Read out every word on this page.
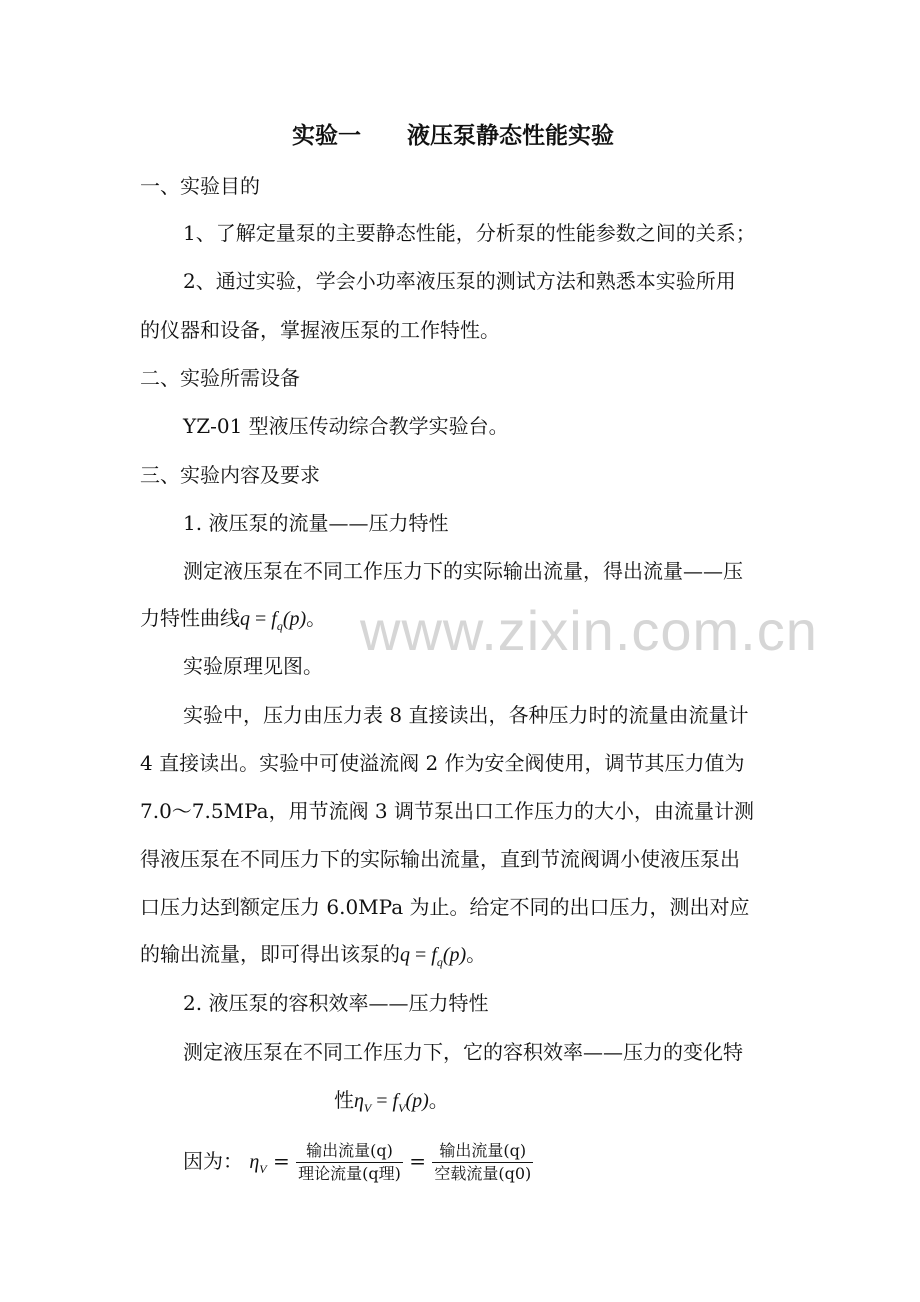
实验一　　液压泵静态性能实验
一、实验目的
1、了解定量泵的主要静态性能，分析泵的性能参数之间的关系；
2、通过实验，学会小功率液压泵的测试方法和熟悉本实验所用
的仪器和设备，掌握液压泵的工作特性。
二、实验所需设备
YZ-01 型液压传动综合教学实验台。
三、实验内容及要求
1. 液压泵的流量——压力特性
测定液压泵在不同工作压力下的实际输出流量，得出流量——压
力特性曲线$q = f_q(p)$。
实验原理见图。
实验中，压力由压力表 8 直接读出，各种压力时的流量由流量计
4 直接读出。实验中可使溢流阀 2 作为安全阀使用，调节其压力值为
7.0～7.5MPa，用节流阀 3 调节泵出口工作压力的大小，由流量计测
得液压泵在不同压力下的实际输出流量，直到节流阀调小使液压泵出
口压力达到额定压力 6.0MPa 为止。给定不同的出口压力，测出对应
的输出流量，即可得出该泵的$q = f_q(p)$。
2. 液压泵的容积效率——压力特性
测定液压泵在不同工作压力下，它的容积效率——压力的变化特
性$\eta_V = f_V(p)$。
因为： $\eta_V = \frac{\text{输出流量(q)}}{\text{理论流量(q理)}} = \frac{\text{输出流量(q)}}{\text{空载流量(q0)}}$
www.zixin.com.cn
